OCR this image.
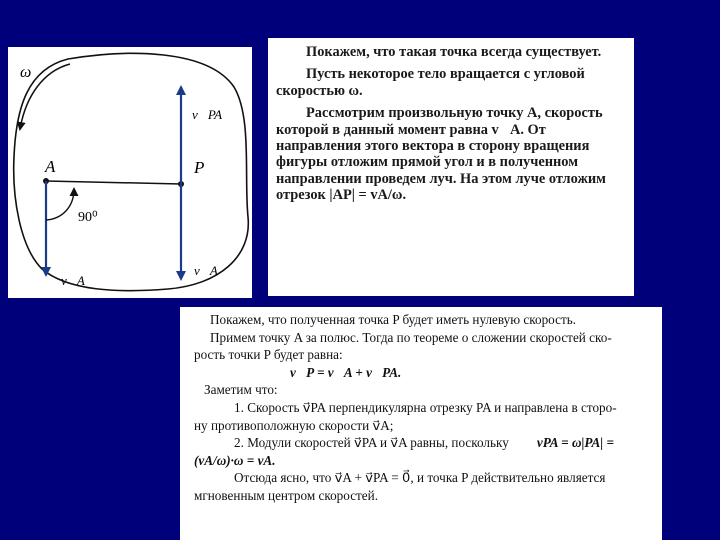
ω
A	P
v⃗A
90⁰
v⃗PA
v⃗A

Покажем, что такая точка всегда существует.

Пусть некоторое тело вращается с угловой скоростью ω.

Рассмотрим произвольную точку A, скорость которой в данный момент равна v⃗A. От направления этого вектора в сторону вращения фигуры отложим прямой угол и в полученном направлении проведем луч. На этом луче отложим отрезок |AP| = vA/ω.

Покажем, что полученная точка P будет иметь нулевую скорость.
Примем точку A за полюс. Тогда по теореме о сложении скоростей ско-
рость точки P будет равна:
v⃗P = v⃗A + v⃗PA.
Заметим что:
1. Скорость v⃗PA перпендикулярна отрезку PA и направлена в сторо-
ну противоположную скорости v⃗A;
2. Модули скоростей v⃗PA и v⃗A равны, поскольку vPA = ω|PA| =
(vA/ω)·ω = vA.
Отсюда ясно, что v⃗A + v⃗PA = 0⃗, и точка P действительно является
мгновенным центром скоростей.
